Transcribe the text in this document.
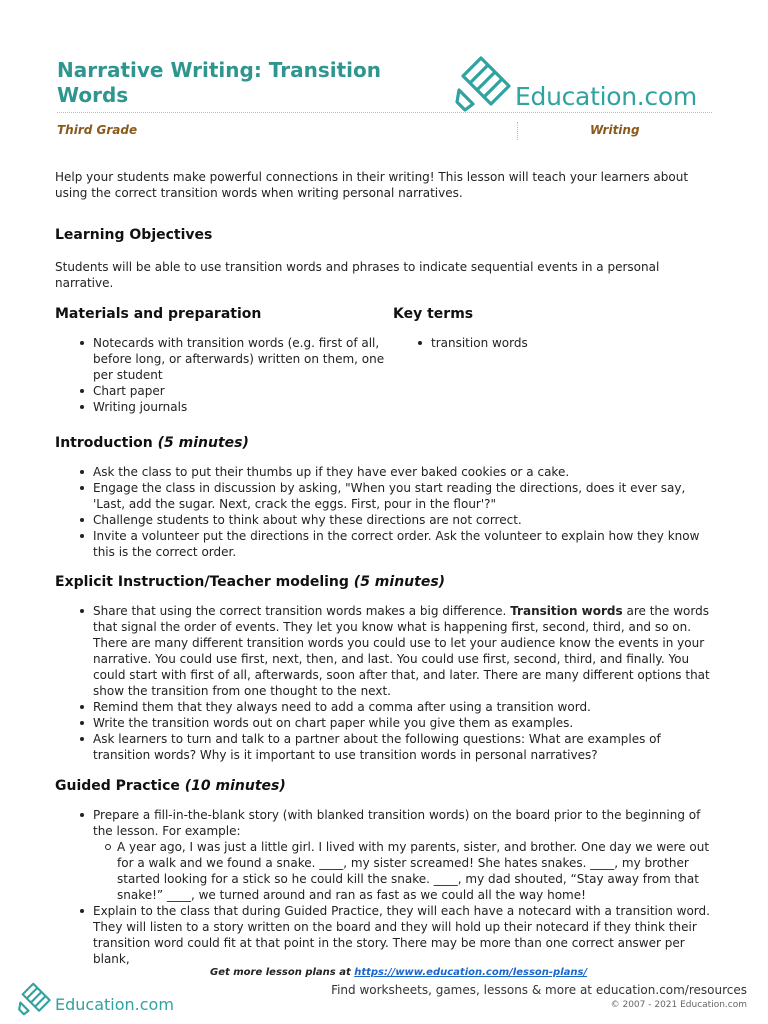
Narrative Writing: Transition
Words	Education.com
Third Grade	Writing

Help your students make powerful connections in their writing! This lesson will teach your learners about using the correct transition words when writing personal narratives.

Learning Objectives

Students will be able to use transition words and phrases to indicate sequential events in a personal narrative.

Materials and preparation
Notecards with transition words (e.g. first of all, before long, or afterwards) written on them, one per student
Chart paper
Writing journals
Key terms
transition words
Introduction (5 minutes)
Ask the class to put their thumbs up if they have ever baked cookies or a cake.
Engage the class in discussion by asking, "When you start reading the directions, does it ever say, 'Last, add the sugar. Next, crack the eggs. First, pour in the flour'?"
Challenge students to think about why these directions are not correct.
Invite a volunteer put the directions in the correct order. Ask the volunteer to explain how they know this is the correct order.
Explicit Instruction/Teacher modeling (5 minutes)
Share that using the correct transition words makes a big difference. Transition words are the words that signal the order of events. They let you know what is happening first, second, third, and so on. There are many different transition words you could use to let your audience know the events in your narrative. You could use first, next, then, and last. You could use first, second, third, and finally. You could start with first of all, afterwards, soon after that, and later. There are many different options that show the transition from one thought to the next.
Remind them that they always need to add a comma after using a transition word.
Write the transition words out on chart paper while you give them as examples.
Ask learners to turn and talk to a partner about the following questions: What are examples of transition words? Why is it important to use transition words in personal narratives?
Guided Practice (10 minutes)
Prepare a fill-in-the-blank story (with blanked transition words) on the board prior to the beginning of the lesson. For example:
A year ago, I was just a little girl. I lived with my parents, sister, and brother. One day we were out for a walk and we found a snake. ____, my sister screamed! She hates snakes. ____, my brother started looking for a stick so he could kill the snake. ____, my dad shouted, “Stay away from that snake!” ____, we turned around and ran as fast as we could all the way home!
Explain to the class that during Guided Practice, they will each have a notecard with a transition word. They will listen to a story written on the board and they will hold up their notecard if they think their transition word could fit at that point in the story. There may be more than one correct answer per blank,
Get more lesson plans at https://www.education.com/lesson-plans/
Education.com
Find worksheets, games, lessons & more at education.com/resources
© 2007 - 2021 Education.com
